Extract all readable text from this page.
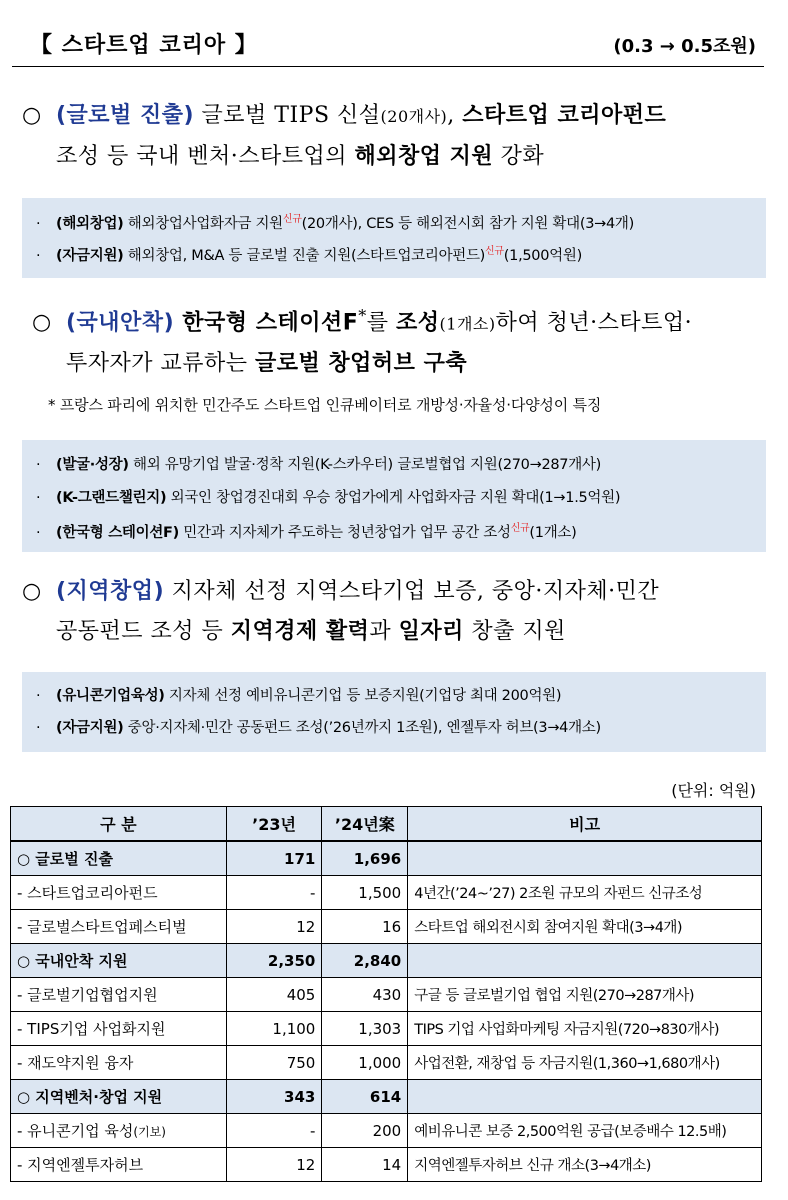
【 스타트업 코리아 】	(0.3 → 0.5조원)
○ (글로벌 진출) 글로벌 TIPS 신설(20개사), 스타트업 코리아펀드
조성 등 국내 벤처·스타트업의 해외창업 지원 강화
· (해외창업) 해외창업사업화자금 지원$^{신규}$(20개사), CES 등 해외전시회 참가 지원 확대(3→4개)
· (자금지원) 해외창업, M&A 등 글로벌 진출 지원(스타트업코리아펀드)$^{신규}$(1,500억원)
○ (국내안착) 한국형 스테이션F*를 조성(1개소)하여 청년·스타트업·
투자자가 교류하는 글로벌 창업허브 구축
* 프랑스 파리에 위치한 민간주도 스타트업 인큐베이터로 개방성·자율성·다양성이 특징
· (발굴·성장) 해외 유망기업 발굴·정착 지원(K-스카우터) 글로벌협업 지원(270→287개사)
· (K-그랜드챌린지) 외국인 창업경진대회 우승 창업가에게 사업화자금 지원 확대(1→1.5억원)
· (한국형 스테이션F) 민간과 지자체가 주도하는 청년창업가 업무 공간 조성$^{신규}$(1개소)
○ (지역창업) 지자체 선정 지역스타기업 보증, 중앙·지자체·민간
공동펀드 조성 등 지역경제 활력과 일자리 창출 지원
· (유니콘기업육성) 지자체 선정 예비유니콘기업 등 보증지원(기업당 최대 200억원)
· (자금지원) 중앙·지자체·민간 공동펀드 조성(’26년까지 1조원), 엔젤투자 허브(3→4개소)
(단위: 억원)
구 분	’23년	’24년案	비고
○ 글로벌 진출	171	1,696	
- 스타트업코리아펀드	-	1,500	4년간(’24~’27) 2조원 규모의 자펀드 신규조성
- 글로벌스타트업페스티벌	12	16	스타트업 해외전시회 참여지원 확대(3→4개)
○ 국내안착 지원	2,350	2,840	
- 글로벌기업협업지원	405	430	구글 등 글로벌기업 협업 지원(270→287개사)
- TIPS기업 사업화지원	1,100	1,303	TIPS 기업 사업화마케팅 자금지원(720→830개사)
- 재도약지원 융자	750	1,000	사업전환, 재창업 등 자금지원(1,360→1,680개사)
○ 지역벤처·창업 지원	343	614	
- 유니콘기업 육성(기보)	-	200	예비유니콘 보증 2,500억원 공급(보증배수 12.5배)
- 지역엔젤투자허브	12	14	지역엔젤투자허브 신규 개소(3→4개소)
